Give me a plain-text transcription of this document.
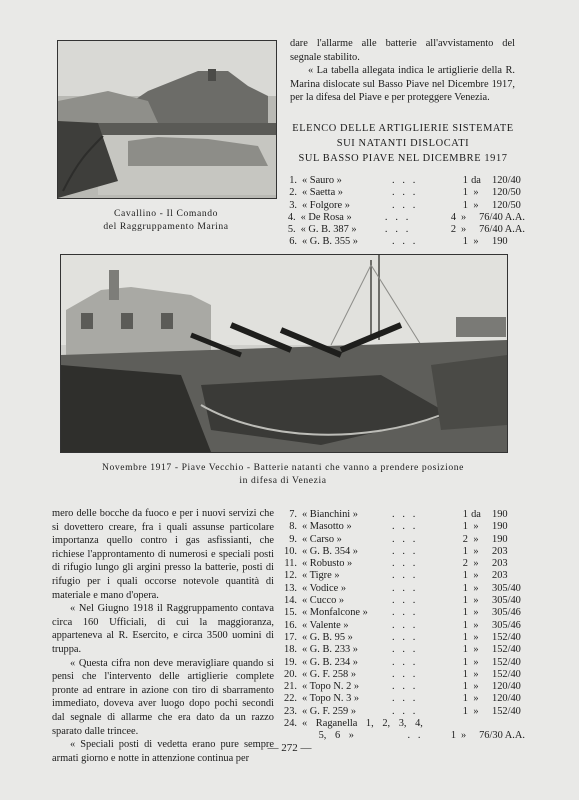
Cavallino - Il Comando
del Raggruppamento Marina
dare l'allarme alle batterie all'avvistamento del segnale stabilito.
« La tabella allegata indica le artiglierie della R. Marina dislocate sul Basso Piave nel Dicembre 1917, per la difesa del Piave e per proteggere Venezia.
ELENCO DELLE ARTIGLIERIE SISTEMATE
SUI NATANTI DISLOCATI
SUL BASSO PIAVE NEL DICEMBRE 1917
1. « Sauro »	.   .   .	1 da	120/40
2. « Saetta »	.   .   .	1 »	120/50
3. « Folgore »	.   .   .	1 »	120/50
4. « De Rosa »	.   .   .	4 »	76/40 A.A.
5. « G. B. 387 »	.   .   .	2 »	76/40 A.A.
6. « G. B. 355 »	.   .   .	1 »	190
Novembre 1917 - Piave Vecchio - Batterie natanti che vanno a prendere posizione
in difesa di Venezia
mero delle bocche da fuoco e per i nuovi servizi che si dovettero creare, fra i quali assunse particolare importanza quello contro i gas asfissianti, che richiese l'approntamento di numerosi e speciali posti di rifugio lungo gli argini presso la batterie, posti di rifugio per i quali occorse notevole quantità di materiale e mano d'opera.
« Nel Giugno 1918 il Raggruppamento contava circa 160 Ufficiali, di cui la maggioranza, apparteneva al R. Esercito, e circa 3500 uomini di truppa.
« Questa cifra non deve meravigliare quando si pensi che l'intervento delle artiglierie complete pronte ad entrare in azione con tiro di sbarramento immediato, doveva aver luogo dopo pochi secondi dal segnale di allarme che era dato da un razzo sparato dalle trincee.
« Speciali posti di vedetta erano pure sempre armati giorno e notte in attenzione continua per
7. « Bianchini »	.   .   .	1 da	190
8. « Masotto »	.   .   .	1 »	190
9. « Carso »	.   .   .	2 »	190
10. « G. B. 354 »	.   .   .	1 »	203
11. « Robusto »	.   .   .	2 »	203
12. « Tigre »	.   .   .	1 »	203
13. « Vodice »	.   .   .	1 »	305/40
14. « Cucco »	.   .   .	1 »	305/40
15. « Monfalcone »	.   .   .	1 »	305/46
16. « Valente »	.   .   .	1 »	305/46
17. « G. B. 95 »	.   .   .	1 »	152/40
18. « G. B. 233 »	.   .   .	1 »	152/40
19. « G. B. 234 »	.   .   .	1 »	152/40
20. « G. F. 258 »	.   .   .	1 »	152/40
21. « Topo N. 2 »	.   .   .	1 »	120/40
22. « Topo N. 3 »	.   .   .	1 »	120/40
23. « G. F. 259 »	.   .   .	1 »	152/40
24. « Raganella 1, 2, 3, 4,
5, 6 »	.   .	1 »	76/30 A.A.
— 272 —
